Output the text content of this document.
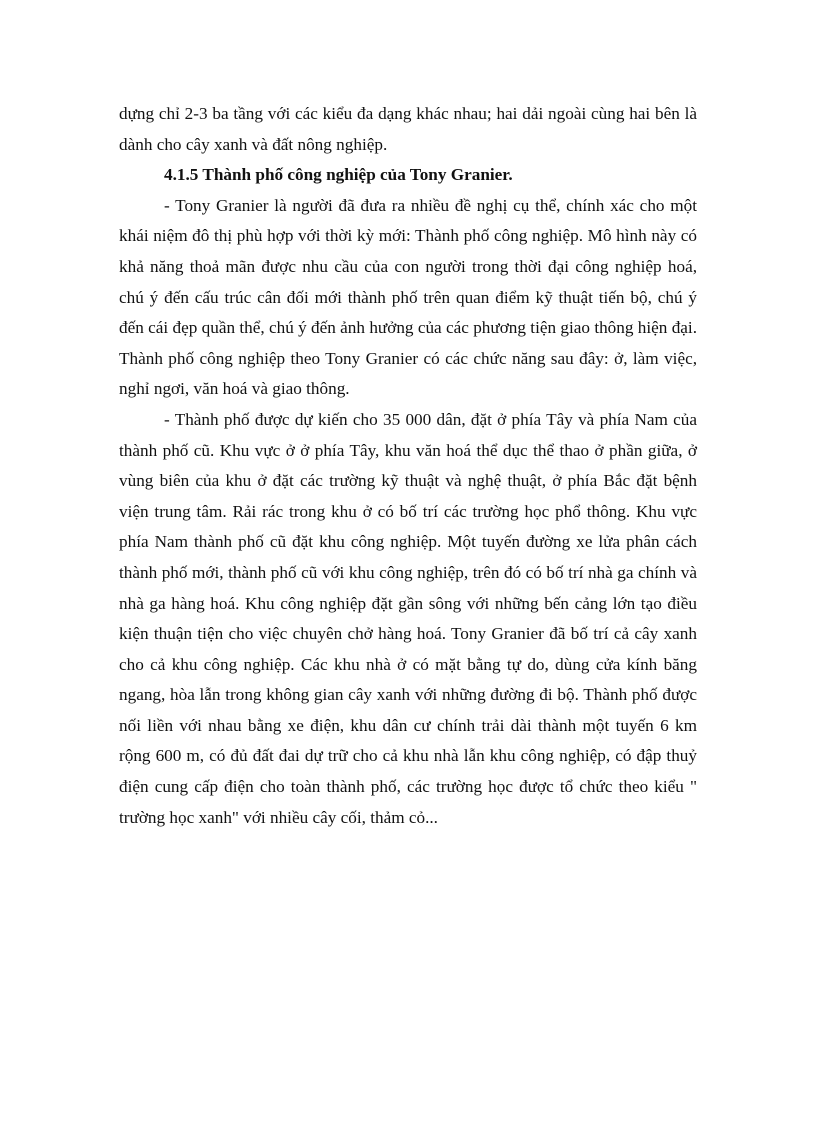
dựng chỉ 2-3 ba tầng với các kiểu đa dạng khác nhau; hai dải ngoài cùng hai bên là dành cho cây xanh và đất nông nghiệp.

4.1.5 Thành phố công nghiệp của Tony Granier.

- Tony Granier là người đã đưa ra nhiều đề nghị cụ thể, chính xác cho một khái niệm đô thị phù hợp với thời kỳ mới: Thành phố công nghiệp. Mô hình này có khả năng thoả mãn được nhu cầu của con người trong thời đại công nghiệp hoá, chú ý đến cấu trúc cân đối mới thành phố trên quan điểm kỹ thuật tiến bộ, chú ý đến cái đẹp quần thể, chú ý đến ảnh hưởng của các phương tiện giao thông hiện đại. Thành phố công nghiệp theo Tony Granier có các chức năng sau đây: ở, làm việc, nghỉ ngơi, văn hoá và giao thông.

- Thành phố được dự kiến cho 35 000 dân, đặt ở phía Tây và phía Nam của thành phố cũ. Khu vực ở ở phía Tây, khu văn hoá thể dục thể thao ở phần giữa, ở vùng biên của khu ở đặt các trường kỹ thuật và nghệ thuật, ở phía Bắc đặt bệnh viện trung tâm. Rải rác trong khu ở có bố trí các trường học phổ thông. Khu vực phía Nam thành phố cũ đặt khu công nghiệp. Một tuyến đường xe lửa phân cách thành phố mới, thành phố cũ với khu công nghiệp, trên đó có bố trí nhà ga chính và nhà ga hàng hoá. Khu công nghiệp đặt gần sông với những bến cảng lớn tạo điều kiện thuận tiện cho việc chuyên chở hàng hoá. Tony Granier đã bố trí cả cây xanh cho cả khu công nghiệp. Các khu nhà ở có mặt bằng tự do, dùng cửa kính băng ngang, hòa lẫn trong không gian cây xanh với những đường đi bộ. Thành phố được nối liền với nhau bằng xe điện, khu dân cư chính trải dài thành một tuyến 6 km rộng 600 m, có đủ đất đai dự trữ cho cả khu nhà lẫn khu công nghiệp, có đập thuỷ điện cung cấp điện cho toàn thành phố, các trường học được tổ chức theo kiểu " trường học xanh" với nhiều cây cối, thảm cỏ...
